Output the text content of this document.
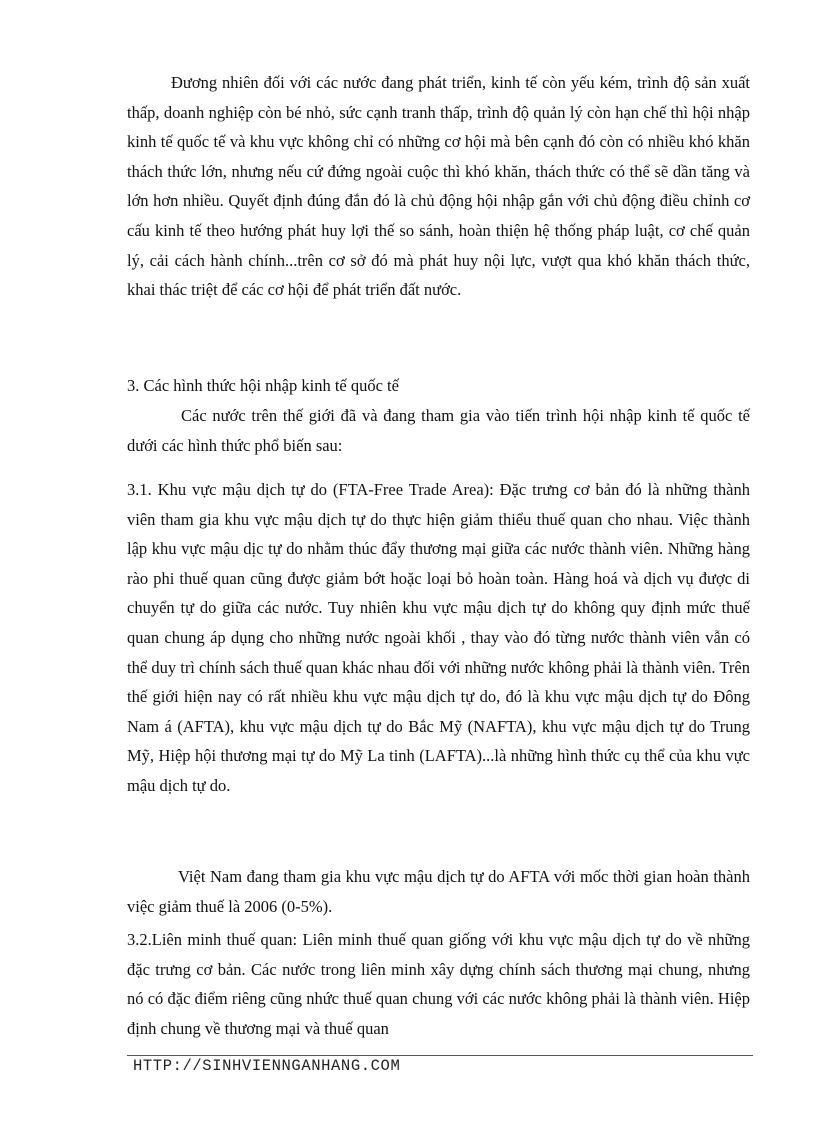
Đương nhiên đối với các nước đang phát triển, kinh tế còn yếu kém, trình độ sản xuất thấp, doanh nghiệp còn bé nhỏ, sức cạnh tranh thấp, trình độ quản lý còn hạn chế thì hội nhập kinh tế quốc tế và khu vực không chỉ có những cơ hội mà bên cạnh đó còn có nhiều khó khăn thách thức lớn, nhưng nếu cứ đứng ngoài cuộc thì khó khăn, thách thức có thể sẽ dần tăng và lớn hơn nhiều. Quyết định đúng đắn đó là chủ động hội nhập gắn với chủ động điều chỉnh cơ cấu kinh tế theo hướng phát huy lợi thế so sánh, hoàn thiện hệ thống pháp luật, cơ chế quản lý, cải cách hành chính...trên cơ sở đó mà phát huy nội lực, vượt qua khó khăn thách thức, khai thác triệt để các cơ hội để phát triển đất nước.

3. Các hình thức hội nhập kinh tế quốc tế

Các nước trên thế giới đã và đang tham gia vào tiến trình hội nhập kinh tế quốc tế dưới các hình thức phổ biến sau:

3.1. Khu vực mậu dịch tự do (FTA-Free Trade Area): Đặc trưng cơ bản đó là những thành viên tham gia khu vực mậu dịch tự do thực hiện giảm thiểu thuế quan cho nhau. Việc thành lập khu vực mậu dịc tự do nhằm thúc đẩy thương mại giữa các nước thành viên. Những hàng rào phi thuế quan cũng được giảm bớt hoặc loại bỏ hoàn toàn. Hàng hoá và dịch vụ được di chuyển tự do giữa các nước. Tuy nhiên khu vực mậu dịch tự do không quy định mức thuế quan chung áp dụng cho những nước ngoài khối , thay vào đó từng nước thành viên vẫn có thể duy trì chính sách thuế quan khác nhau đối với những nước không phải là thành viên. Trên thế giới hiện nay có rất nhiều khu vực mậu dịch tự do, đó là khu vực mậu dịch tự do Đông Nam á (AFTA), khu vực mậu dịch tự do Bắc Mỹ (NAFTA), khu vực mậu dịch tự do Trung Mỹ, Hiệp hội thương mại tự do Mỹ La tinh (LAFTA)...là những hình thức cụ thể của khu vực mậu dịch tự do.

Việt Nam đang tham gia khu vực mậu dịch tự do AFTA với mốc thời gian hoàn thành việc giảm thuế là 2006 (0-5%).

3.2.Liên minh thuế quan: Liên minh thuế quan giống với khu vực mậu dịch tự do về những đặc trưng cơ bản. Các nước trong liên minh xây dựng chính sách thương mại chung, nhưng nó có đặc điểm riêng cũng nhức thuế quan chung với các nước không phải là thành viên. Hiệp định chung về thương mại và thuế quan

HTTP://SINHVIENNGANHANG.COM
